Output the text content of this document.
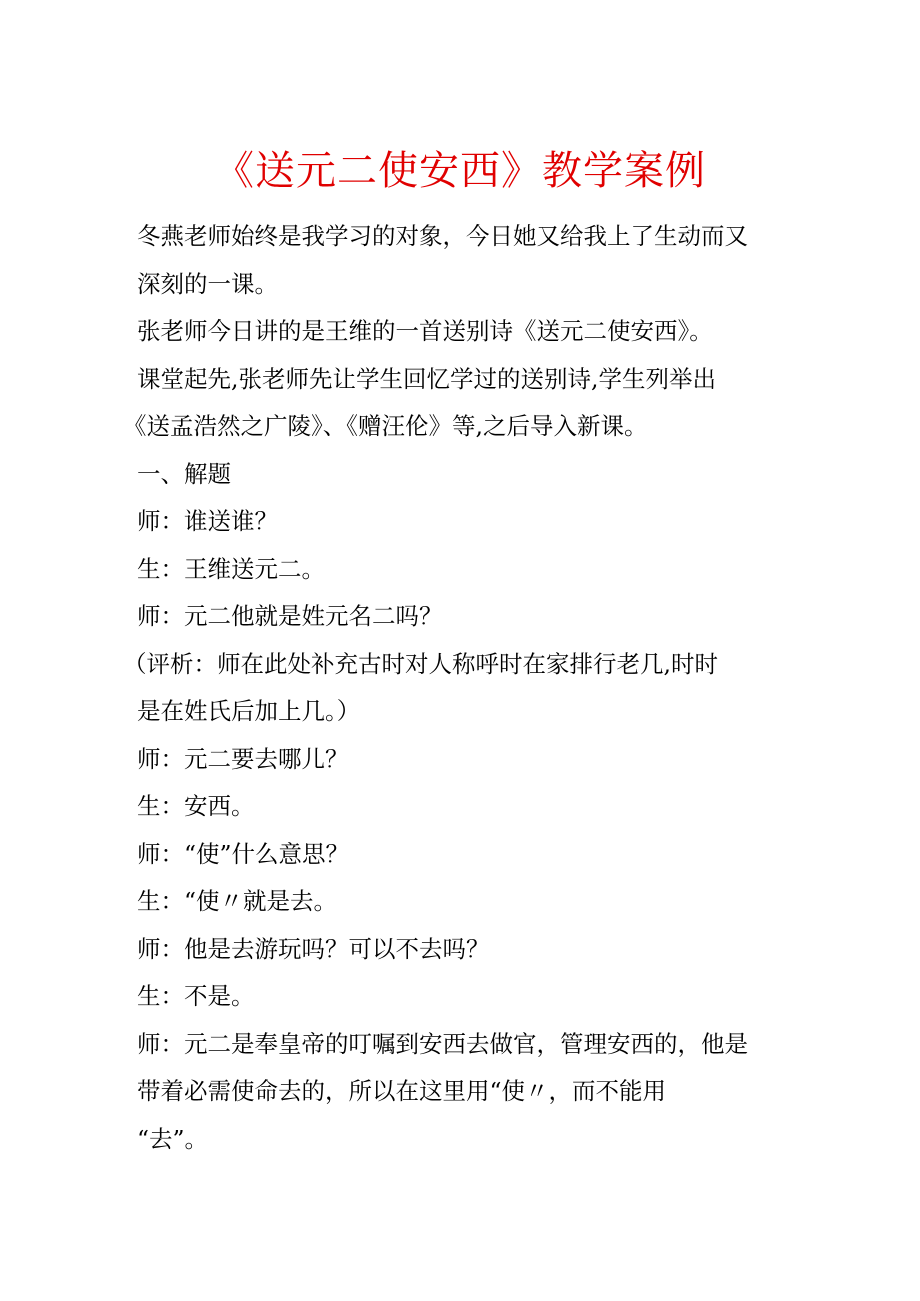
《送元二使安西》教学案例
冬燕老师始终是我学习的对象，今日她又给我上了生动而又
深刻的一课。
张老师今日讲的是王维的一首送别诗《送元二使安西》。
课堂起先,张老师先让学生回忆学过的送别诗,学生列举出
《送孟浩然之广陵》、《赠汪伦》等,之后导入新课。
一、解题
师：谁送谁？
生：王维送元二。
师：元二他就是姓元名二吗？
（评析：师在此处补充古时对人称呼时在家排行老几,时时
是在姓氏后加上几。）
师：元二要去哪儿？
生：安西。
师：“使”什么意思？
生：“使〃就是去。
师：他是去游玩吗？可以不去吗？
生：不是。
师：元二是奉皇帝的叮嘱到安西去做官，管理安西的，他是
带着必需使命去的，所以在这里用“使〃，而不能用
“去”。
